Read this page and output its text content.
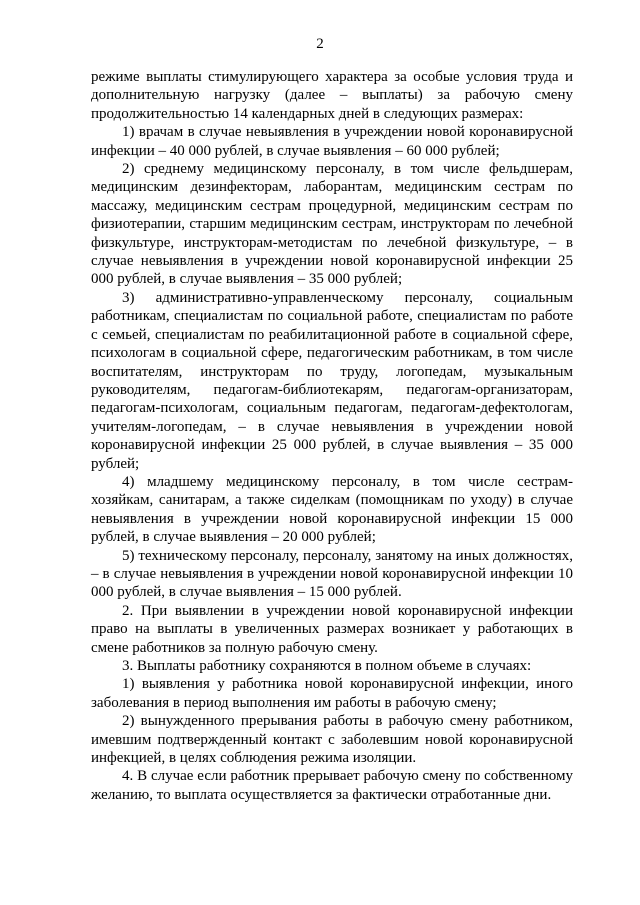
2

режиме выплаты стимулирующего характера за особые условия труда и дополнительную нагрузку (далее – выплаты) за рабочую смену продолжительностью 14 календарных дней в следующих размерах:

1) врачам в случае невыявления в учреждении новой коронавирусной инфекции – 40 000 рублей, в случае выявления – 60 000 рублей;

2) среднему медицинскому персоналу, в том числе фельдшерам, медицинским дезинфекторам, лаборантам, медицинским сестрам по массажу, медицинским сестрам процедурной, медицинским сестрам по физиотерапии, старшим медицинским сестрам, инструкторам по лечебной физкультуре, инструкторам-методистам по лечебной физкультуре, – в случае невыявления в учреждении новой коронавирусной инфекции 25 000 рублей, в случае выявления – 35 000 рублей;

3) административно-управленческому персоналу, социальным работникам, специалистам по социальной работе, специалистам по работе с семьей, специалистам по реабилитационной работе в социальной сфере, психологам в социальной сфере, педагогическим работникам, в том числе воспитателям, инструкторам по труду, логопедам, музыкальным руководителям, педагогам-библиотекарям, педагогам-организаторам, педагогам-психологам, социальным педагогам, педагогам-дефектологам, учителям-логопедам, – в случае невыявления в учреждении новой коронавирусной инфекции 25 000 рублей, в случае выявления – 35 000 рублей;

4) младшему медицинскому персоналу, в том числе сестрам-хозяйкам, санитарам, а также сиделкам (помощникам по уходу) в случае невыявления в учреждении новой коронавирусной инфекции 15 000 рублей, в случае выявления – 20 000 рублей;

5) техническому персоналу, персоналу, занятому на иных должностях, – в случае невыявления в учреждении новой коронавирусной инфекции 10 000 рублей, в случае выявления – 15 000 рублей.

2. При выявлении в учреждении новой коронавирусной инфекции право на выплаты в увеличенных размерах возникает у работающих в смене работников за полную рабочую смену.

3. Выплаты работнику сохраняются в полном объеме в случаях:

1) выявления у работника новой коронавирусной инфекции, иного заболевания в период выполнения им работы в рабочую смену;

2) вынужденного прерывания работы в рабочую смену работником, имевшим подтвержденный контакт с заболевшим новой коронавирусной инфекцией, в целях соблюдения режима изоляции.

4. В случае если работник прерывает рабочую смену по собственному желанию, то выплата осуществляется за фактически отработанные дни.
